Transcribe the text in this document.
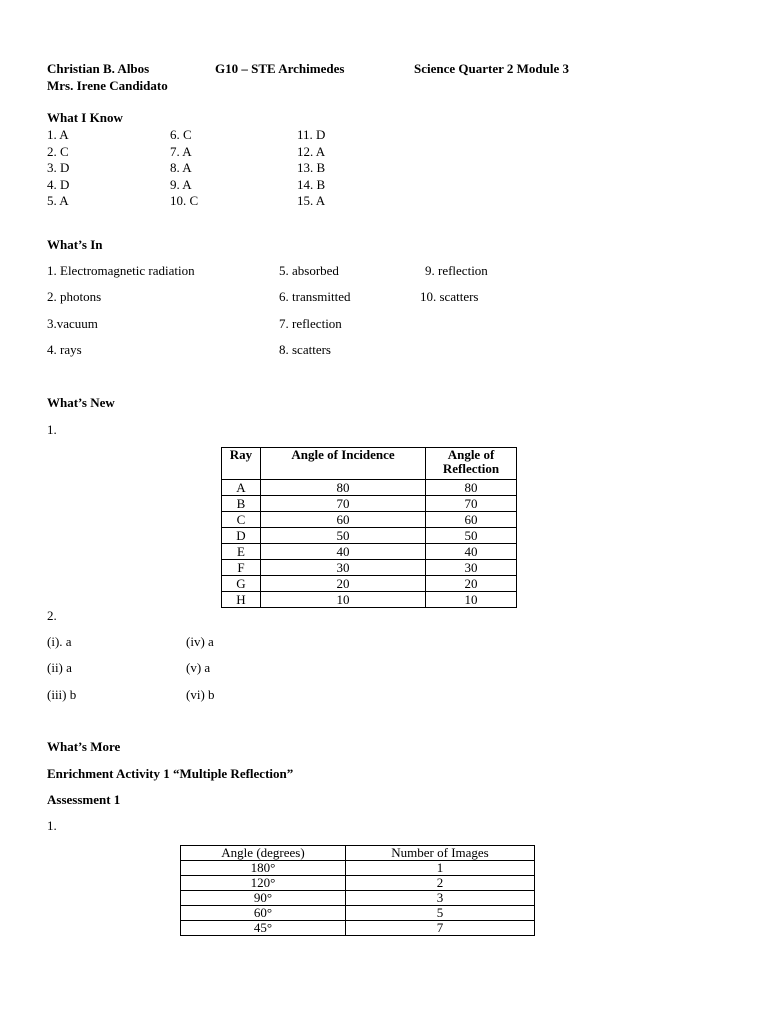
Christian B. Albos	G10 – STE Archimedes	Science Quarter 2 Module 3
Mrs. Irene Candidato
What I Know
1. A
2. C
3. D
4. D
5. A
6. C
7. A
8. A
9. A
10. C
11. D
12. A
13. B
14. B
15. A
What’s In
1. Electromagnetic radiation
2. photons
3.vacuum
4. rays
5. absorbed
6. transmitted
7. reflection
8. scatters
9. reflection
10. scatters
What’s New
1.
Ray	Angle of Incidence	Angle of Reflection
A	80	80
B	70	70
C	60	60
D	50	50
E	40	40
F	30	30
G	20	20
H	10	10
2.
(i). a
(ii) a
(iii) b
(iv) a
(v) a
(vi) b
What’s More
Enrichment Activity 1 “Multiple Reflection”
Assessment 1
1.
Angle (degrees)	Number of Images
180°	1
120°	2
90°	3
60°	5
45°	7
